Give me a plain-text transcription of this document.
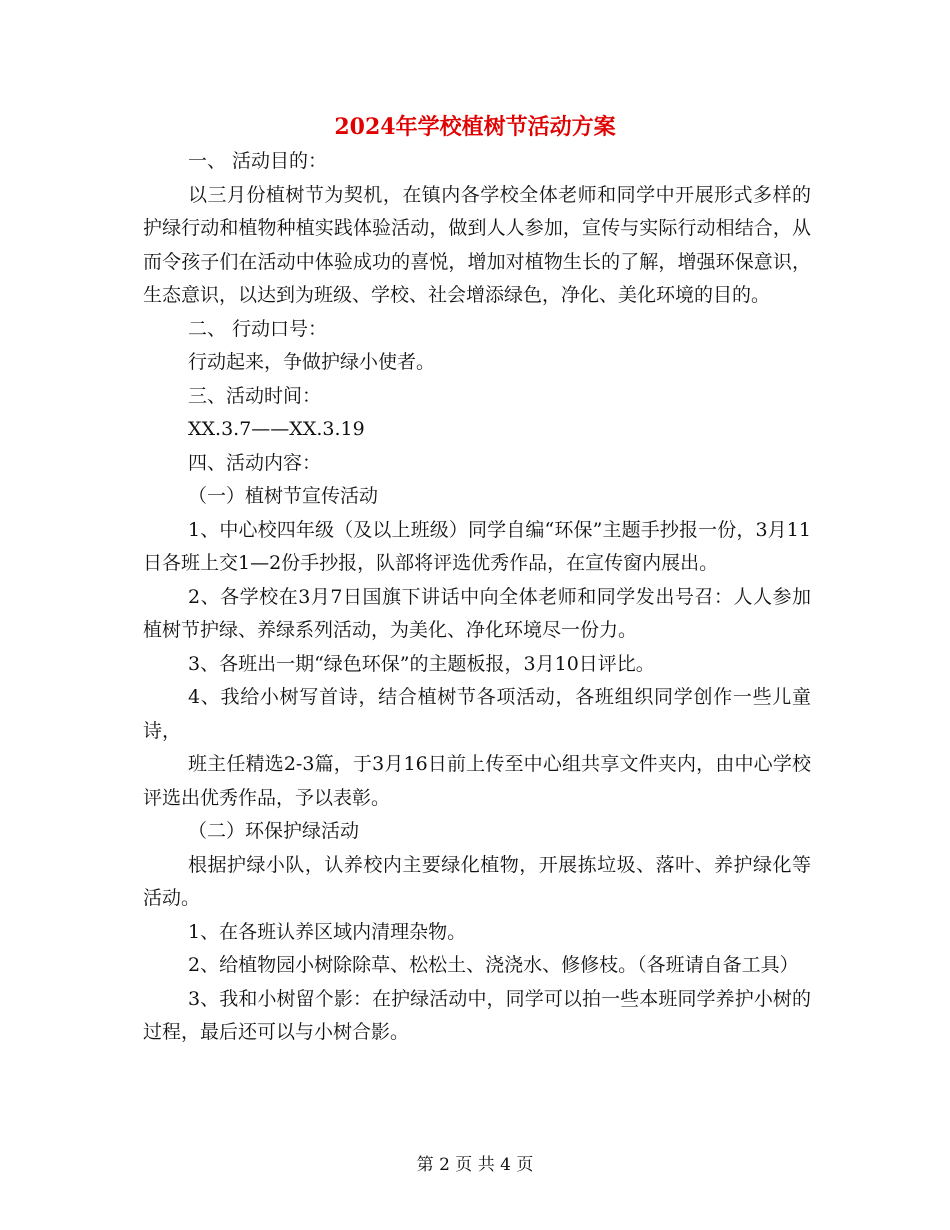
2024年学校植树节活动方案

一、 活动目的：

以三月份植树节为契机，在镇内各学校全体老师和同学中开展形式多样的护绿行动和植物种植实践体验活动，做到人人参加，宣传与实际行动相结合，从而令孩子们在活动中体验成功的喜悦，增加对植物生长的了解，增强环保意识，生态意识，以达到为班级、学校、社会增添绿色，净化、美化环境的目的。

二、 行动口号：

行动起来，争做护绿小使者。

三、活动时间：

XX.3.7——XX.3.19

四、活动内容：

（一）植树节宣传活动

1、中心校四年级（及以上班级）同学自编“环保”主题手抄报一份，3月11日各班上交1—2份手抄报，队部将评选优秀作品，在宣传窗内展出。

2、各学校在3月7日国旗下讲话中向全体老师和同学发出号召：人人参加植树节护绿、养绿系列活动，为美化、净化环境尽一份力。

3、各班出一期“绿色环保”的主题板报，3月10日评比。

4、我给小树写首诗，结合植树节各项活动，各班组织同学创作一些儿童诗，

班主任精选2-3篇，于3月16日前上传至中心组共享文件夹内，由中心学校评选出优秀作品，予以表彰。

（二）环保护绿活动

根据护绿小队，认养校内主要绿化植物，开展拣垃圾、落叶、养护绿化等活动。

1、在各班认养区域内清理杂物。

2、给植物园小树除除草、松松土、浇浇水、修修枝。（各班请自备工具）

3、我和小树留个影：在护绿活动中，同学可以拍一些本班同学养护小树的过程，最后还可以与小树合影。

第 2 页 共 4 页
